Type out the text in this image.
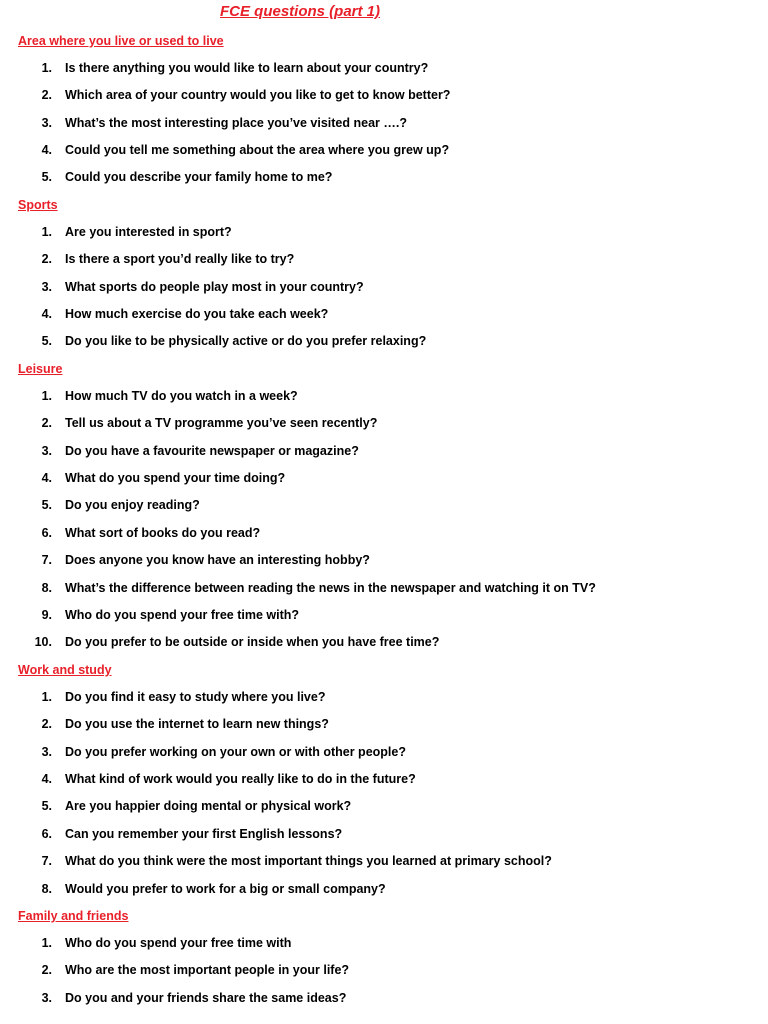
FCE questions (part 1)
Area where you live or used to live
1. Is there anything you would like to learn about your country?
2. Which area of your country would you like to get to know better?
3. What’s the most interesting place you’ve visited near ….?
4. Could you tell me something about the area where you grew up?
5. Could you describe your family home to me?
Sports
1. Are you interested in sport?
2. Is there a sport you’d really like to try?
3. What sports do people play most in your country?
4. How much exercise do you take each week?
5. Do you like to be physically active or do you prefer relaxing?
Leisure
1. How much TV do you watch in a week?
2. Tell us about a TV programme you’ve seen recently?
3. Do you have a favourite newspaper or magazine?
4. What do you spend your time doing?
5. Do you enjoy reading?
6. What sort of books do you read?
7. Does anyone you know have an interesting hobby?
8. What’s the difference between reading the news in the newspaper and watching it on TV?
9. Who do you spend your free time with?
10. Do you prefer to be outside or inside when you have free time?
Work and study
1. Do you find it easy to study where you live?
2. Do you use the internet to learn new things?
3. Do you prefer working on your own or with other people?
4. What kind of work would you really like to do in the future?
5. Are you happier doing mental or physical work?
6. Can you remember your first English lessons?
7. What do you think were the most important things you learned at primary school?
8. Would you prefer to work for a big or small company?
Family and friends
1. Who do you spend your free time with
2. Who are the most important people in your life?
3. Do you and your friends share the same ideas?
